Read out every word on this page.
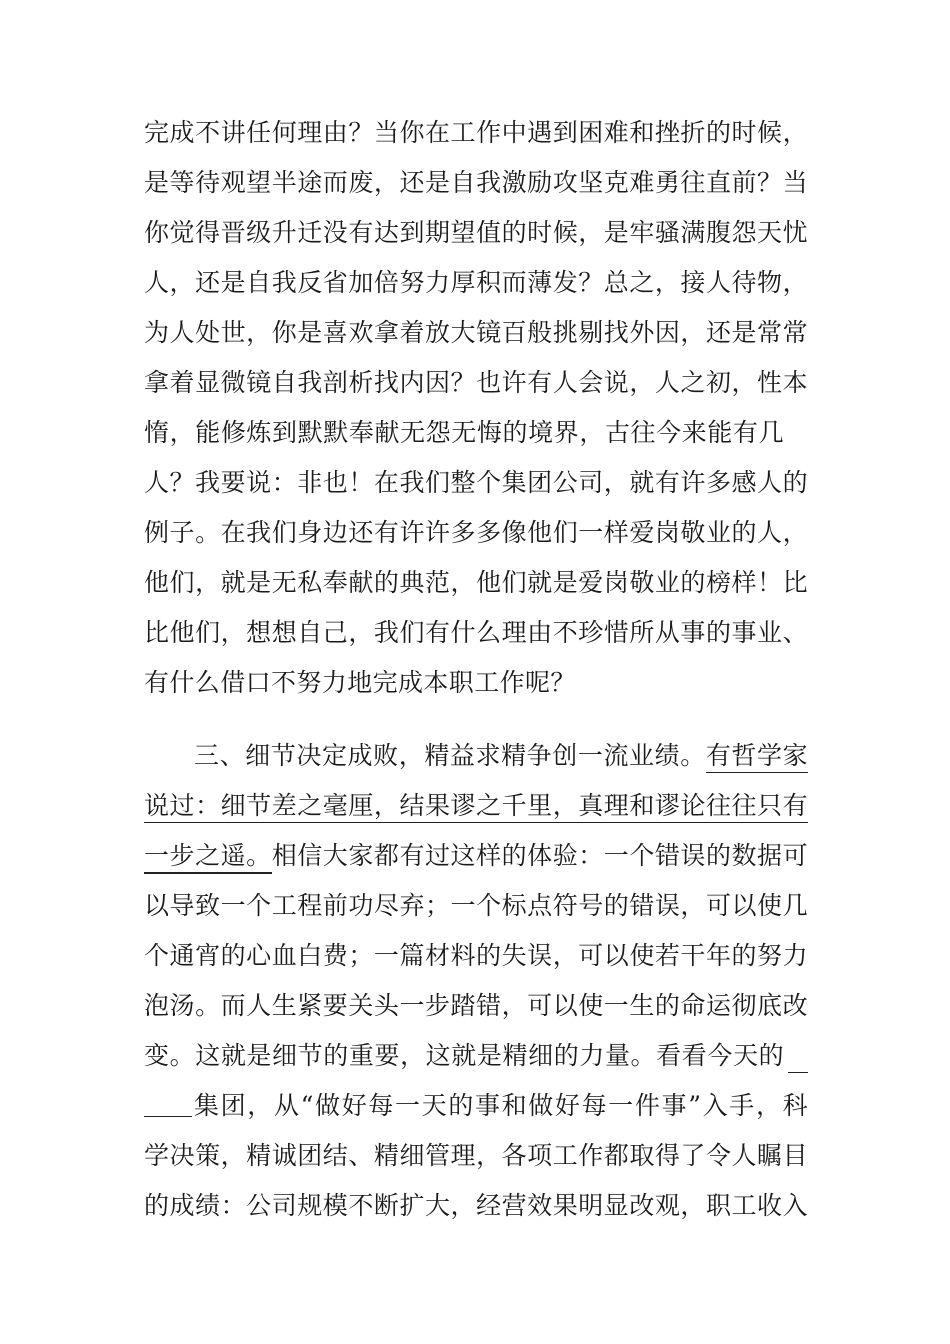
完成不讲任何理由？当你在工作中遇到困难和挫折的时候，
是等待观望半途而废，还是自我激励攻坚克难勇往直前？当
你觉得晋级升迁没有达到期望值的时候，是牢骚满腹怨天忧
人，还是自我反省加倍努力厚积而薄发？总之，接人待物，
为人处世，你是喜欢拿着放大镜百般挑剔找外因，还是常常
拿着显微镜自我剖析找内因？也许有人会说，人之初，性本
惰，能修炼到默默奉献无怨无悔的境界，古往今来能有几
人？我要说：非也！在我们整个集团公司，就有许多感人的
例子。在我们身边还有许许多多像他们一样爱岗敬业的人，
他们，就是无私奉献的典范，他们就是爱岗敬业的榜样！比
比他们，想想自己，我们有什么理由不珍惜所从事的事业、
有什么借口不努力地完成本职工作呢？
三、细节决定成败，精益求精争创一流业绩。有哲学家
说过：细节差之毫厘，结果谬之千里，真理和谬论往往只有
一步之遥。相信大家都有过这样的体验：一个错误的数据可
以导致一个工程前功尽弃；一个标点符号的错误，可以使几
个通宵的心血白费；一篇材料的失误，可以使若干年的努力
泡汤。而人生紧要关头一步踏错，可以使一生的命运彻底改
变。这就是细节的重要，这就是精细的力量。看看今天的
集团，从“做好每一天的事和做好每一件事”入手，科
学决策，精诚团结、精细管理，各项工作都取得了令人瞩目
的成绩：公司规模不断扩大，经营效果明显改观，职工收入
